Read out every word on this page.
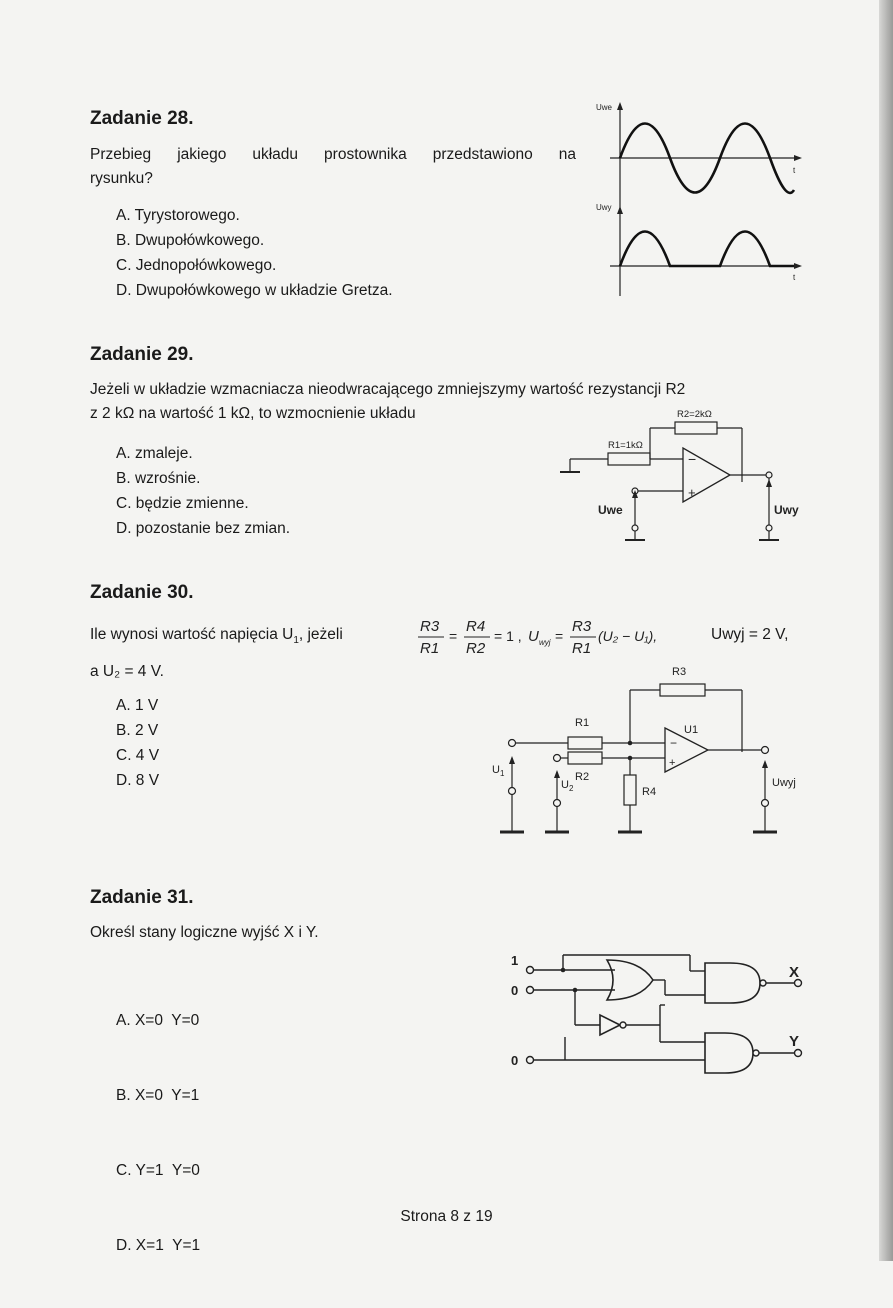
Zadanie 28.
Przebieg jakiego układu prostownika przedstawiono na
rysunku?
A. Tyrystorowego.
B. Dwupołówkowego.
C. Jednopołówkowego.
D. Dwupołówkowego w układzie Gretza.
Uwe
t
Uwy
t
Zadanie 29.
Jeżeli w układzie wzmacniacza nieodwracającego zmniejszymy wartość rezystancji R2
z 2 kΩ na wartość 1 kΩ, to wzmocnienie układu
A. zmaleje.
B. wzrośnie.
C. będzie zmienne.
D. pozostanie bez zmian.
R2=2kΩ
R1=1kΩ
−
+
Uwe	Uwy
Zadanie 30.
Ile wynosi wartość napięcia $U_1$, jeżeli	R3
R1
=
R4
R2
= 1 , U wyj =
R3
R1
(U₂ − U₁),	Uwyj = 2 V,
a U₂ = 4 V.
A. 1 V
B. 2 V
C. 4 V
D. 8 V
R3
R1
R2
R4
−
+
U1
$U_1$
$U_2$	Uwyj
Zadanie 31.
Określ stany logiczne wyjść X i Y.

A. X=0  Y=0

B. X=0  Y=1

C. Y=1  Y=0

D. X=1  Y=1

1
0
0
X
Y
Strona 8 z 19
